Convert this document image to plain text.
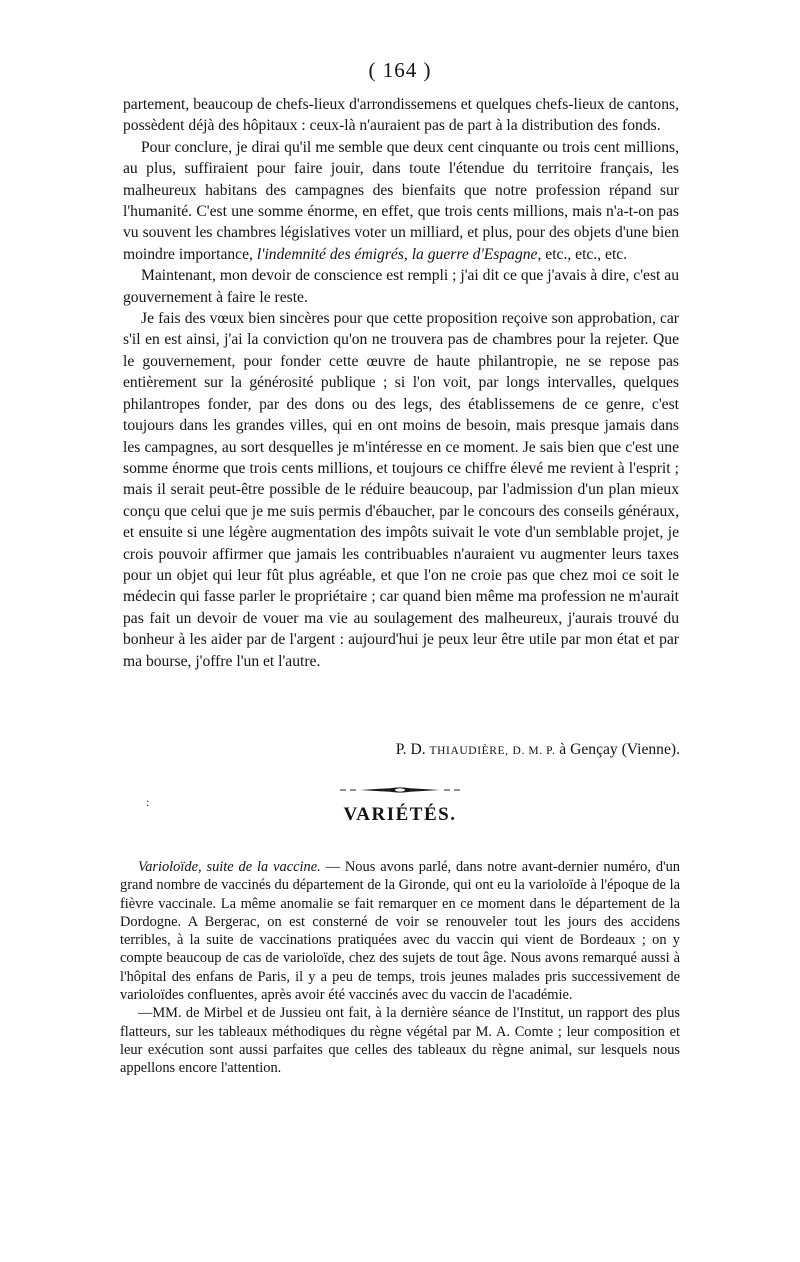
( 164 )

partement, beaucoup de chefs-lieux d'arrondissemens et quelques chefs-lieux de cantons, possèdent déjà des hôpitaux : ceux-là n'auraient pas de part à la distribution des fonds.

Pour conclure, je dirai qu'il me semble que deux cent cinquante ou trois cent millions, au plus, suffiraient pour faire jouir, dans toute l'étendue du territoire français, les malheureux habitans des campagnes des bienfaits que notre profession répand sur l'humanité. C'est une somme énorme, en effet, que trois cents millions, mais n'a-t-on pas vu souvent les chambres législatives voter un milliard, et plus, pour des objets d'une bien moindre importance, l'indemnité des émigrés, la guerre d'Espagne, etc., etc., etc.

Maintenant, mon devoir de conscience est rempli ; j'ai dit ce que j'avais à dire, c'est au gouvernement à faire le reste.

Je fais des vœux bien sincères pour que cette proposition reçoive son approbation, car s'il en est ainsi, j'ai la conviction qu'on ne trouvera pas de chambres pour la rejeter. Que le gouvernement, pour fonder cette œuvre de haute philantropie, ne se repose pas entièrement sur la générosité publique ; si l'on voit, par longs intervalles, quelques philantropes fonder, par des dons ou des legs, des établissemens de ce genre, c'est toujours dans les grandes villes, qui en ont moins de besoin, mais presque jamais dans les campagnes, au sort desquelles je m'intéresse en ce moment. Je sais bien que c'est une somme énorme que trois cents millions, et toujours ce chiffre élevé me revient à l'esprit ; mais il serait peut-être possible de le réduire beaucoup, par l'admission d'un plan mieux conçu que celui que je me suis permis d'ébaucher, par le concours des conseils généraux, et ensuite si une légère augmentation des impôts suivait le vote d'un semblable projet, je crois pouvoir affirmer que jamais les contribuables n'auraient vu augmenter leurs taxes pour un objet qui leur fût plus agréable, et que l'on ne croie pas que chez moi ce soit le médecin qui fasse parler le propriétaire ; car quand bien même ma profession ne m'aurait pas fait un devoir de vouer ma vie au soulagement des malheureux, j'aurais trouvé du bonheur à les aider par de l'argent : aujourd'hui je peux leur être utile par mon état et par ma bourse, j'offre l'un et l'autre.

P. D. THIAUDIÈRE, D. M. P. à Gençay (Vienne).
:
VARIÉTÉS.

Varioloïde, suite de la vaccine. — Nous avons parlé, dans notre avant-dernier numéro, d'un grand nombre de vaccinés du département de la Gironde, qui ont eu la varioloïde à l'époque de la fièvre vaccinale. La même anomalie se fait remarquer en ce moment dans le département de la Dordogne. A Bergerac, on est consterné de voir se renouveler tout les jours des accidens terribles, à la suite de vaccinations pratiquées avec du vaccin qui vient de Bordeaux ; on y compte beaucoup de cas de varioloïde, chez des sujets de tout âge. Nous avons remarqué aussi à l'hôpital des enfans de Paris, il y a peu de temps, trois jeunes malades pris successivement de varioloïdes confluentes, après avoir été vaccinés avec du vaccin de l'académie.

—MM. de Mirbel et de Jussieu ont fait, à la dernière séance de l'Institut, un rapport des plus flatteurs, sur les tableaux méthodiques du règne végétal par M. A. Comte ; leur composition et leur exécution sont aussi parfaites que celles des tableaux du règne animal, sur lesquels nous appellons encore l'attention.
